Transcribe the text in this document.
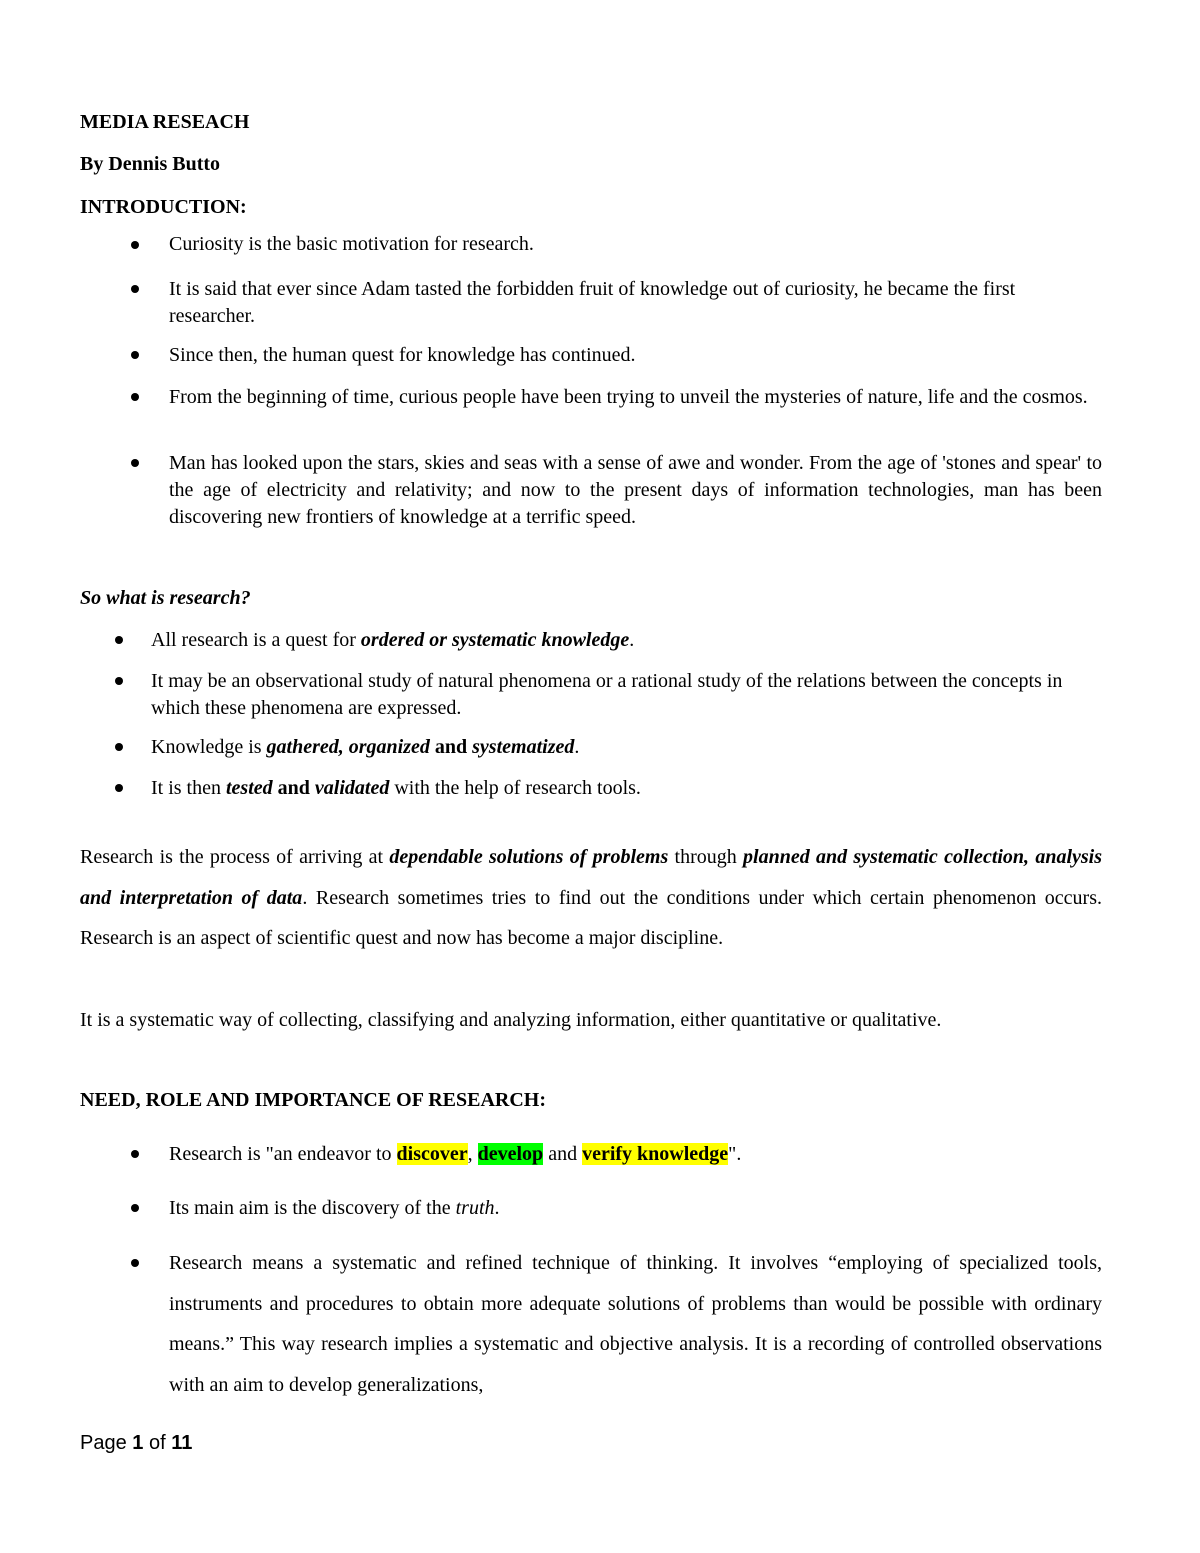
MEDIA RESEACH

By Dennis Butto

INTRODUCTION:

Curiosity is the basic motivation for research.

It is said that ever since Adam tasted the forbidden fruit of knowledge out of curiosity, he became the first researcher.

Since then, the human quest for knowledge has continued.

From the beginning of time, curious people have been trying to unveil the mysteries of nature, life and the cosmos.

Man has looked upon the stars, skies and seas with a sense of awe and wonder. From the age of 'stones and spear' to the age of electricity and relativity; and now to the present days of information technologies, man has been discovering new frontiers of knowledge at a terrific speed.

So what is research?

All research is a quest for ordered or systematic knowledge.

It may be an observational study of natural phenomena or a rational study of the relations between the concepts in which these phenomena are expressed.

Knowledge is gathered, organized and systematized.

It is then tested and validated with the help of research tools.

Research is the process of arriving at dependable solutions of problems through planned and systematic collection, analysis and interpretation of data. Research sometimes tries to find out the conditions under which certain phenomenon occurs. Research is an aspect of scientific quest and now has become a major discipline.

It is a systematic way of collecting, classifying and analyzing information, either quantitative or qualitative.

NEED, ROLE AND IMPORTANCE OF RESEARCH:

Research is "an endeavor to discover, develop and verify knowledge".

Its main aim is the discovery of the truth.

Research means a systematic and refined technique of thinking. It involves “employing of specialized tools, instruments and procedures to obtain more adequate solutions of problems than would be possible with ordinary means.” This way research implies a systematic and objective analysis. It is a recording of controlled observations with an aim to develop generalizations,

Page 1 of 11
